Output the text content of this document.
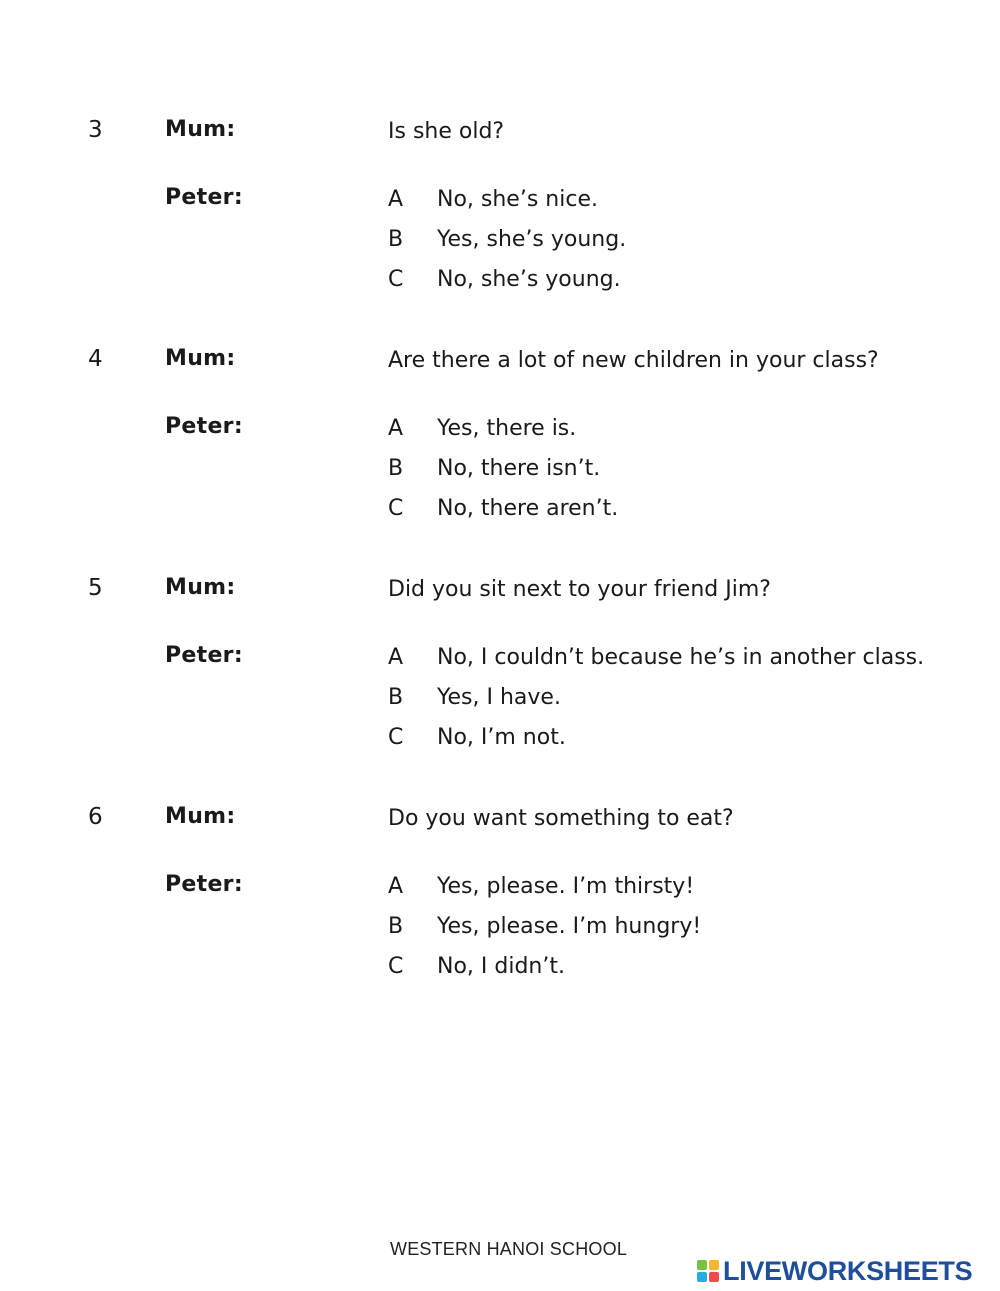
3	Mum:	Is she old?
Peter:	A	No, she’s nice.
B	Yes, she’s young.
C	No, she’s young.
4	Mum:	Are there a lot of new children in your class?
Peter:	A	Yes, there is.
B	No, there isn’t.
C	No, there aren’t.
5	Mum:	Did you sit next to your friend Jim?
Peter:	A	No, I couldn’t because he’s in another class.
B	Yes, I have.
C	No, I’m not.
6	Mum:	Do you want something to eat?
Peter:	A	Yes, please. I’m thirsty!
B	Yes, please. I’m hungry!
C	No, I didn’t.
WESTERN HANOI SCHOOL
LIVEWORKSHEETS
